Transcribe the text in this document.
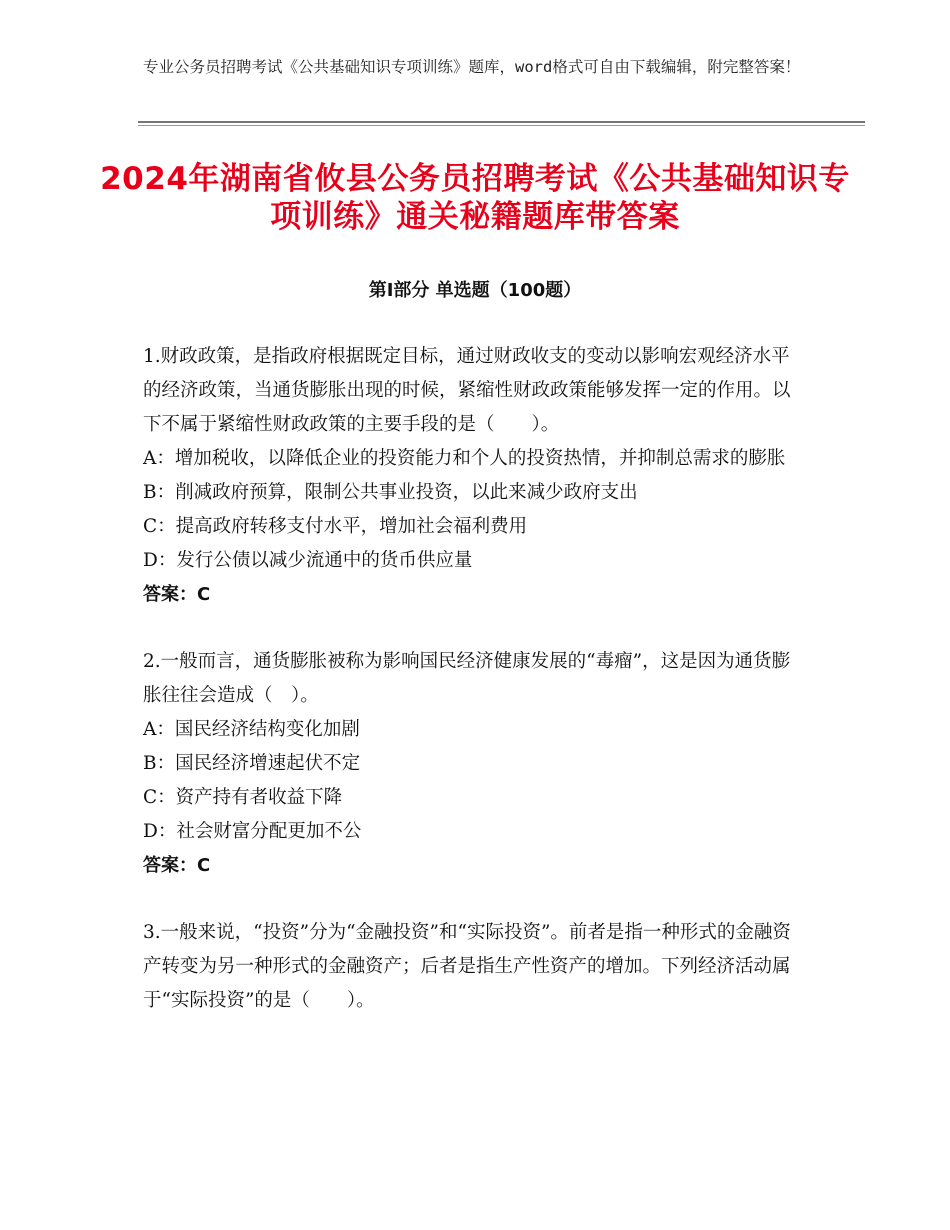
专业公务员招聘考试《公共基础知识专项训练》题库，word格式可自由下载编辑，附完整答案！
2024年湖南省攸县公务员招聘考试《公共基础知识专项训练》通关秘籍题库带答案
第Ⅰ部分 单选题（100题）
1.财政政策，是指政府根据既定目标，通过财政收支的变动以影响宏观经济水平的经济政策，当通货膨胀出现的时候，紧缩性财政政策能够发挥一定的作用。以下不属于紧缩性财政政策的主要手段的是（　　）。
A：增加税收，以降低企业的投资能力和个人的投资热情，并抑制总需求的膨胀
B：削减政府预算，限制公共事业投资，以此来减少政府支出
C：提高政府转移支付水平，增加社会福利费用
D：发行公债以减少流通中的货币供应量
答案：C
2.一般而言，通货膨胀被称为影响国民经济健康发展的“毒瘤”，这是因为通货膨胀往往会造成（　）。
A：国民经济结构变化加剧
B：国民经济增速起伏不定
C：资产持有者收益下降
D：社会财富分配更加不公
答案：C
3.一般来说，“投资”分为“金融投资”和“实际投资”。前者是指一种形式的金融资产转变为另一种形式的金融资产；后者是指生产性资产的增加。下列经济活动属于“实际投资”的是（　　）。
